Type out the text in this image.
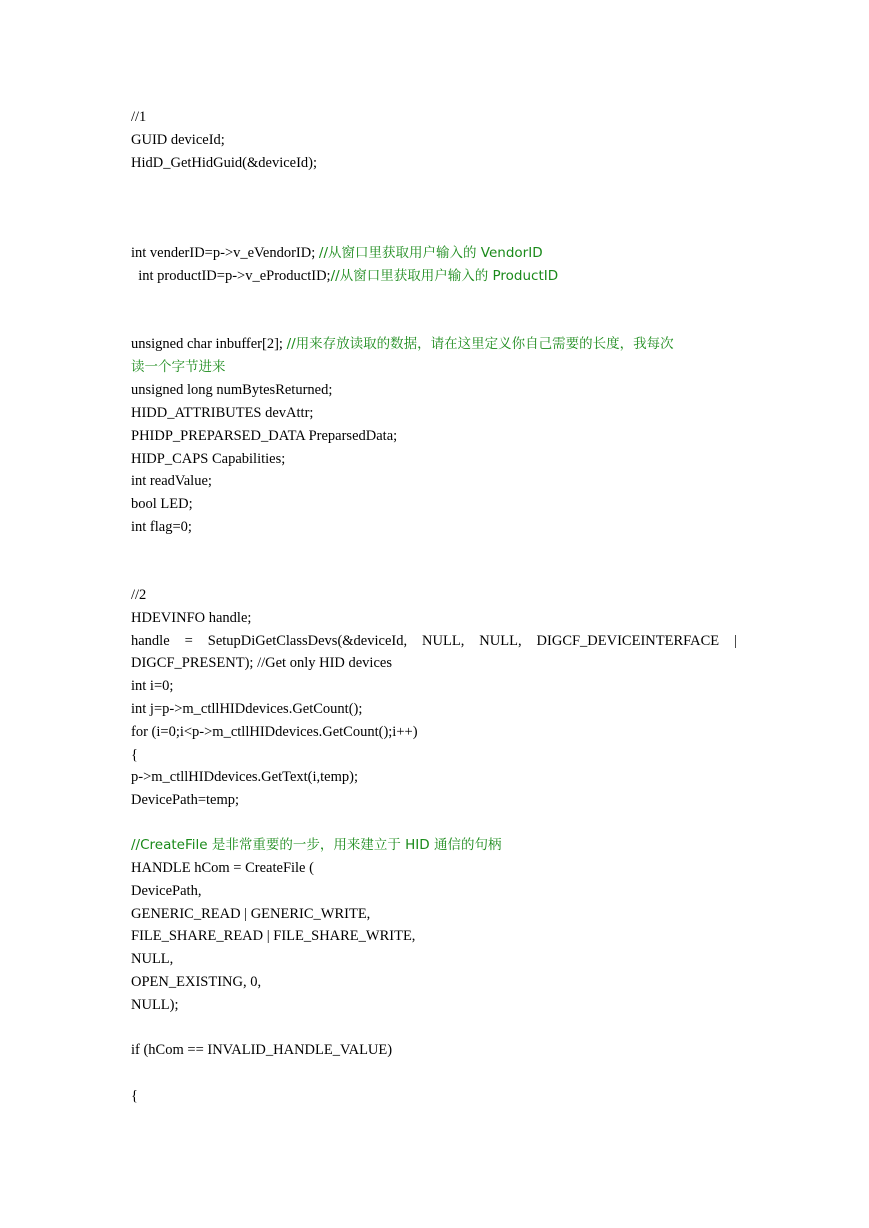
//1
GUID deviceId;
HidD_GetHidGuid(&deviceId);
int venderID=p->v_eVendorID; //从窗口里获取用户输入的 VendorID
int productID=p->v_eProductID;//从窗口里获取用户输入的 ProductID
unsigned char inbuffer[2]; //用来存放读取的数据，请在这里定义你自己需要的长度，我每次
读一个字节进来
unsigned long numBytesReturned;
HIDD_ATTRIBUTES devAttr;
PHIDP_PREPARSED_DATA PreparsedData;
HIDP_CAPS Capabilities;
int readValue;
bool LED;
int flag=0;
//2
HDEVINFO handle;
handle = SetupDiGetClassDevs(&deviceId, NULL, NULL, DIGCF_DEVICEINTERFACE |
DIGCF_PRESENT); //Get only HID devices
int i=0;
int j=p->m_ctllHIDdevices.GetCount();
for (i=0;i<p->m_ctllHIDdevices.GetCount();i++)
{
p->m_ctllHIDdevices.GetText(i,temp);
DevicePath=temp;
//CreateFile 是非常重要的一步，用来建立于 HID 通信的句柄
HANDLE hCom = CreateFile (
DevicePath,
GENERIC_READ | GENERIC_WRITE,
FILE_SHARE_READ | FILE_SHARE_WRITE,
NULL,
OPEN_EXISTING, 0,
NULL);
if (hCom == INVALID_HANDLE_VALUE)
{
